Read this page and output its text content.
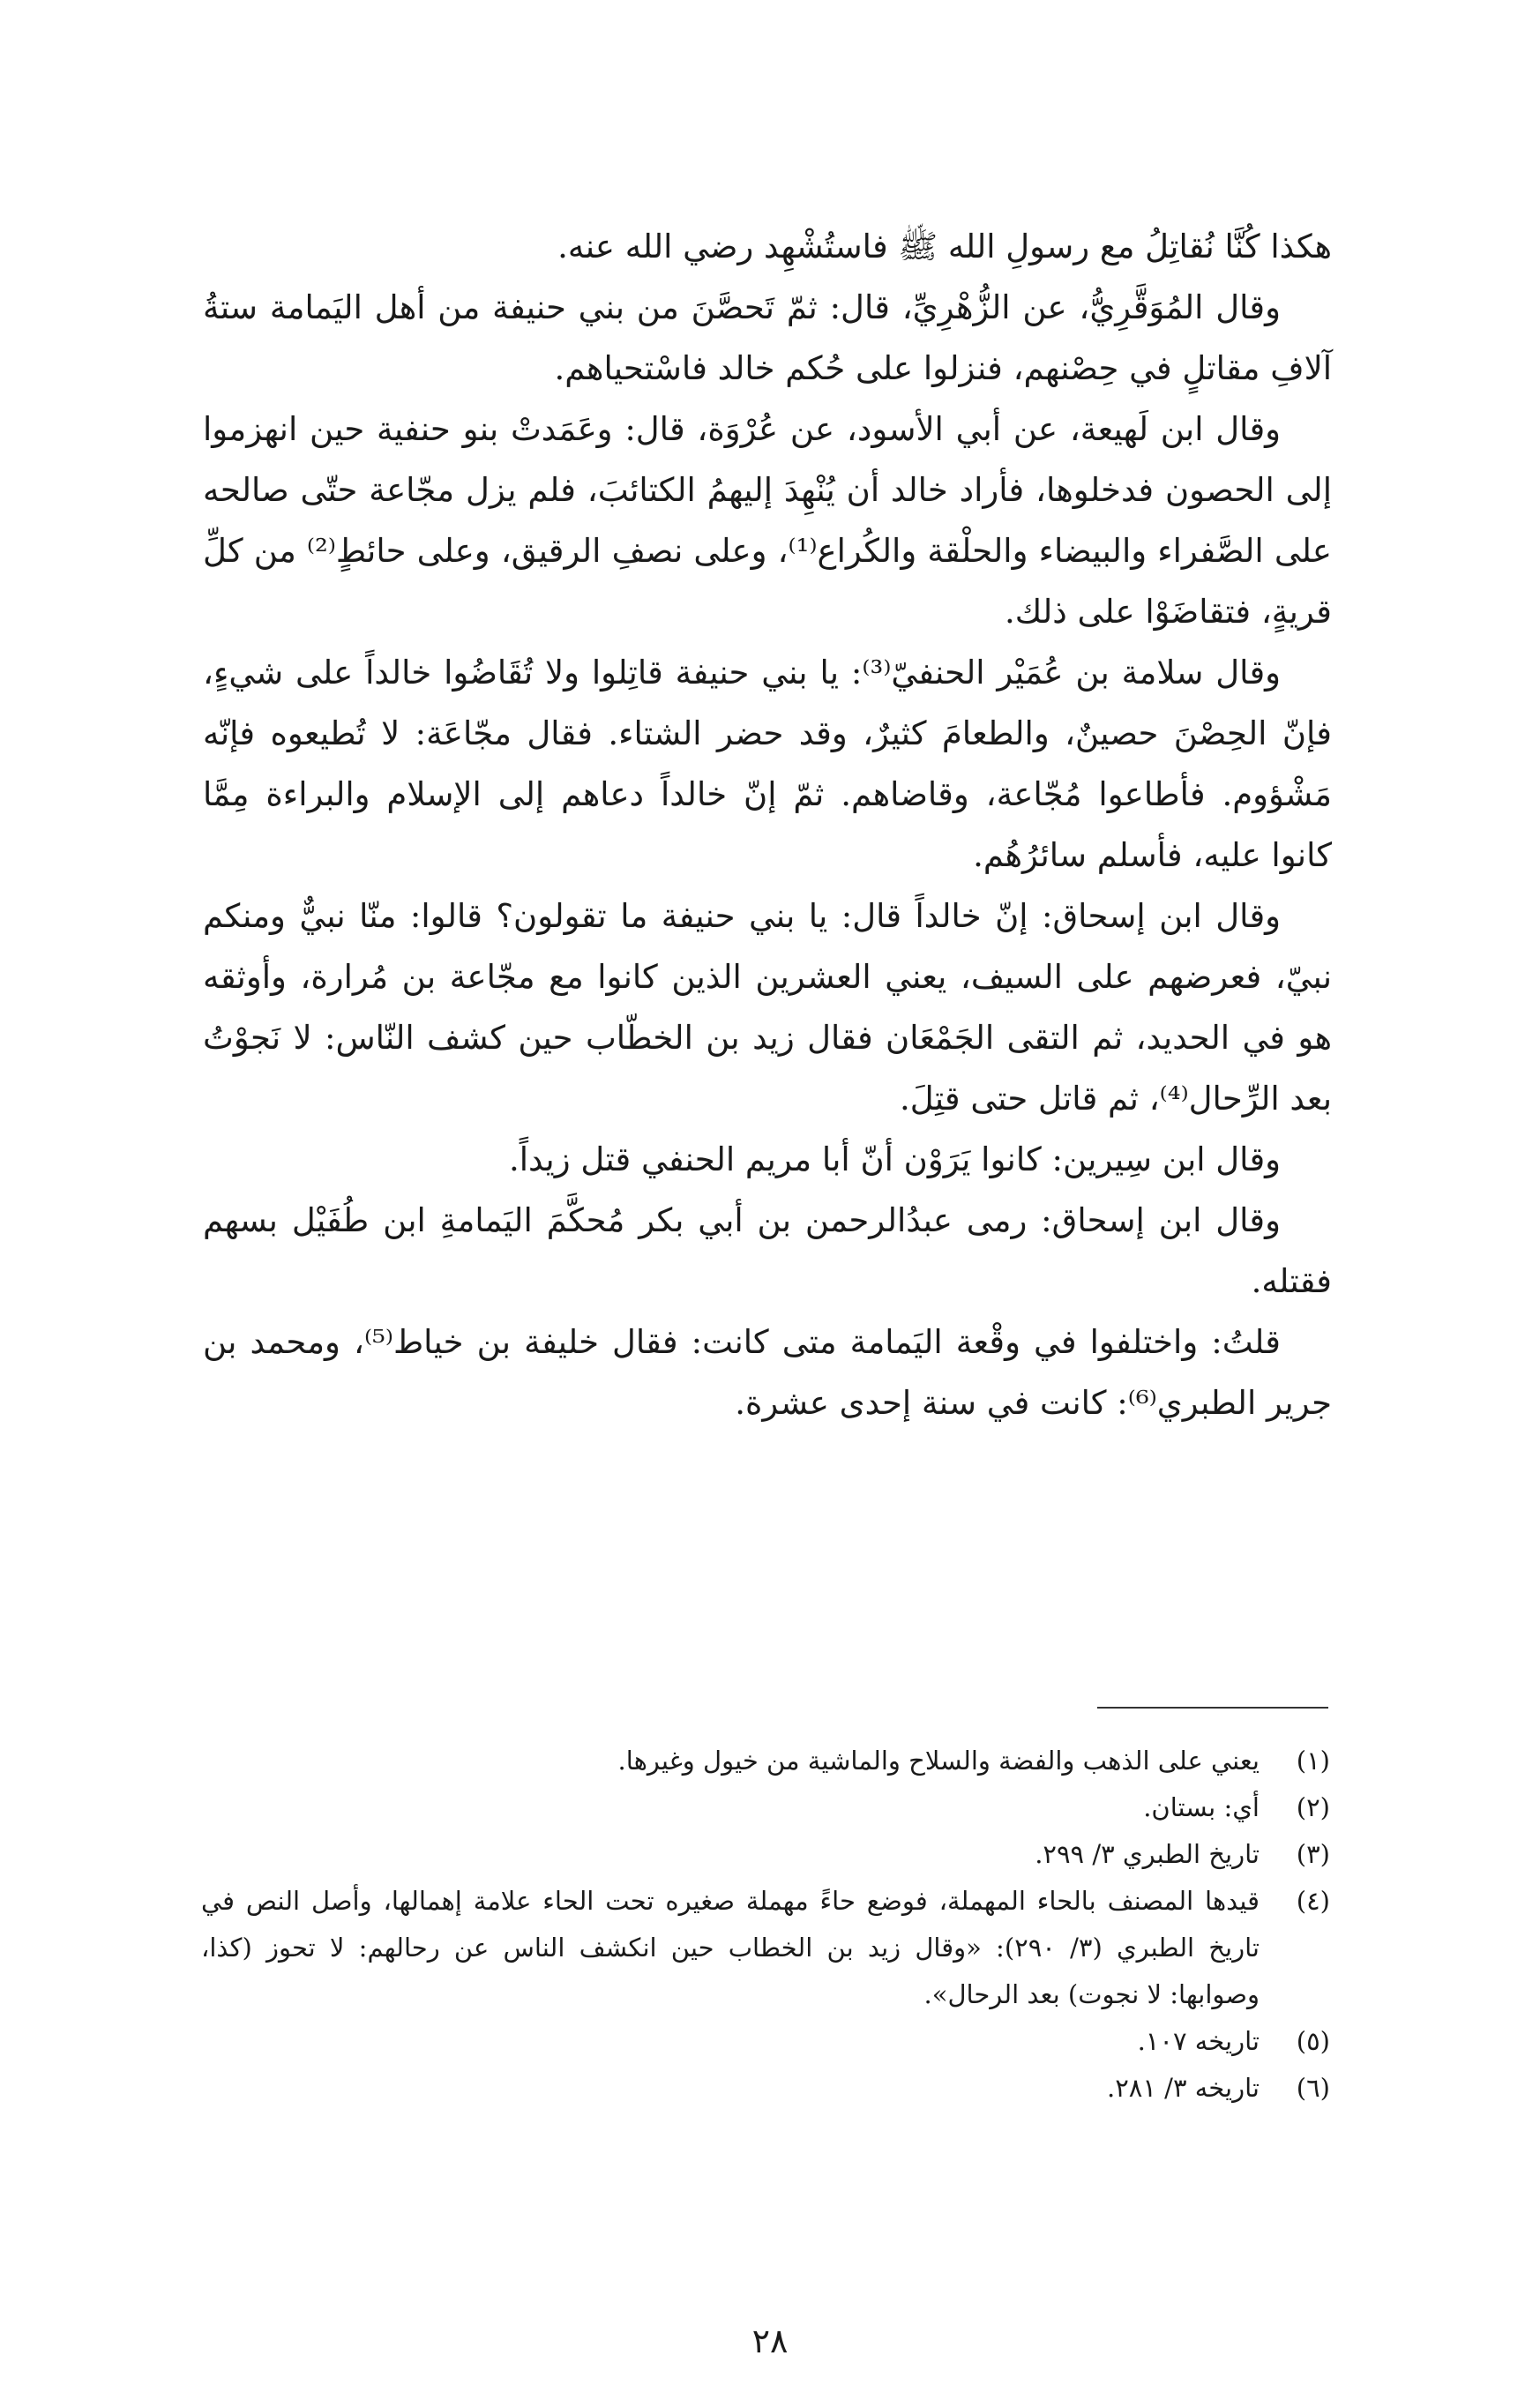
هكذا كُنَّا نُقاتِلُ مع رسولِ الله ﷺ فاستُشْهِد رضي الله عنه.

وقال المُوَقَّرِيُّ، عن الزُّهْرِيِّ، قال: ثمّ تَحصَّنَ من بني حنيفة من أهل اليَمامة ستةُ آلافِ مقاتلٍ في حِصْنهم، فنزلوا على حُكم خالد فاسْتحياهم.

وقال ابن لَهيعة، عن أبي الأسود، عن عُرْوَة، قال: وعَمَدتْ بنو حنفية حين انهزموا إلى الحصون فدخلوها، فأراد خالد أن يُنْهِدَ إليهمُ الكتائبَ، فلم يزل مجّاعة حتّى صالحه على الصَّفراء والبيضاء والحلْقة والكُراع⁽¹⁾، وعلى نصفِ الرقيق، وعلى حائطٍ⁽²⁾ من كلِّ قريةٍ، فتقاضَوْا على ذلك.

وقال سلامة بن عُمَيْر الحنفيّ⁽³⁾: يا بني حنيفة قاتِلوا ولا تُقَاضُوا خالداً على شيءٍ، فإنّ الحِصْنَ حصينٌ، والطعامَ كثيرٌ، وقد حضر الشتاء. فقال مجّاعَة: لا تُطيعوه فإنّه مَشْؤوم. فأطاعوا مُجّاعة، وقاضاهم. ثمّ إنّ خالداً دعاهم إلى الإسلام والبراءة مِمَّا كانوا عليه، فأسلم سائرُهُم.

وقال ابن إسحاق: إنّ خالداً قال: يا بني حنيفة ما تقولون؟ قالوا: منّا نبيٌّ ومنكم نبيّ، فعرضهم على السيف، يعني العشرين الذين كانوا مع مجّاعة بن مُرارة، وأوثقه هو في الحديد، ثم التقى الجَمْعَان فقال زيد بن الخطّاب حين كشف النّاس: لا نَجوْتُ بعد الرِّحال⁽⁴⁾، ثم قاتل حتى قتِلَ.

وقال ابن سِيرين: كانوا يَرَوْن أنّ أبا مريم الحنفي قتل زيداً.

وقال ابن إسحاق: رمى عبدُالرحمن بن أبي بكر مُحكَّمَ اليَمامةِ ابن طُفَيْل بسهم فقتله.

قلتُ: واختلفوا في وقْعة اليَمامة متى كانت: فقال خليفة بن خياط⁽⁵⁾، ومحمد بن جرير الطبري⁽⁶⁾: كانت في سنة إحدى عشرة.

(١)
يعني على الذهب والفضة والسلاح والماشية من خيول وغيرها.
(٢)
أي: بستان.
(٣)
تاريخ الطبري ٣/ ٢٩٩.
(٤)
قيدها المصنف بالحاء المهملة، فوضع حاءً مهملة صغيره تحت الحاء علامة إهمالها، وأصل النص في تاريخ الطبري (٣/ ٢٩٠): «وقال زيد بن الخطاب حين انكشف الناس عن رحالهم: لا تحوز (كذا، وصوابها: لا نجوت) بعد الرحال».
(٥)
تاريخه ١٠٧.
(٦)
تاريخه ٣/ ٢٨١.
٢٨
